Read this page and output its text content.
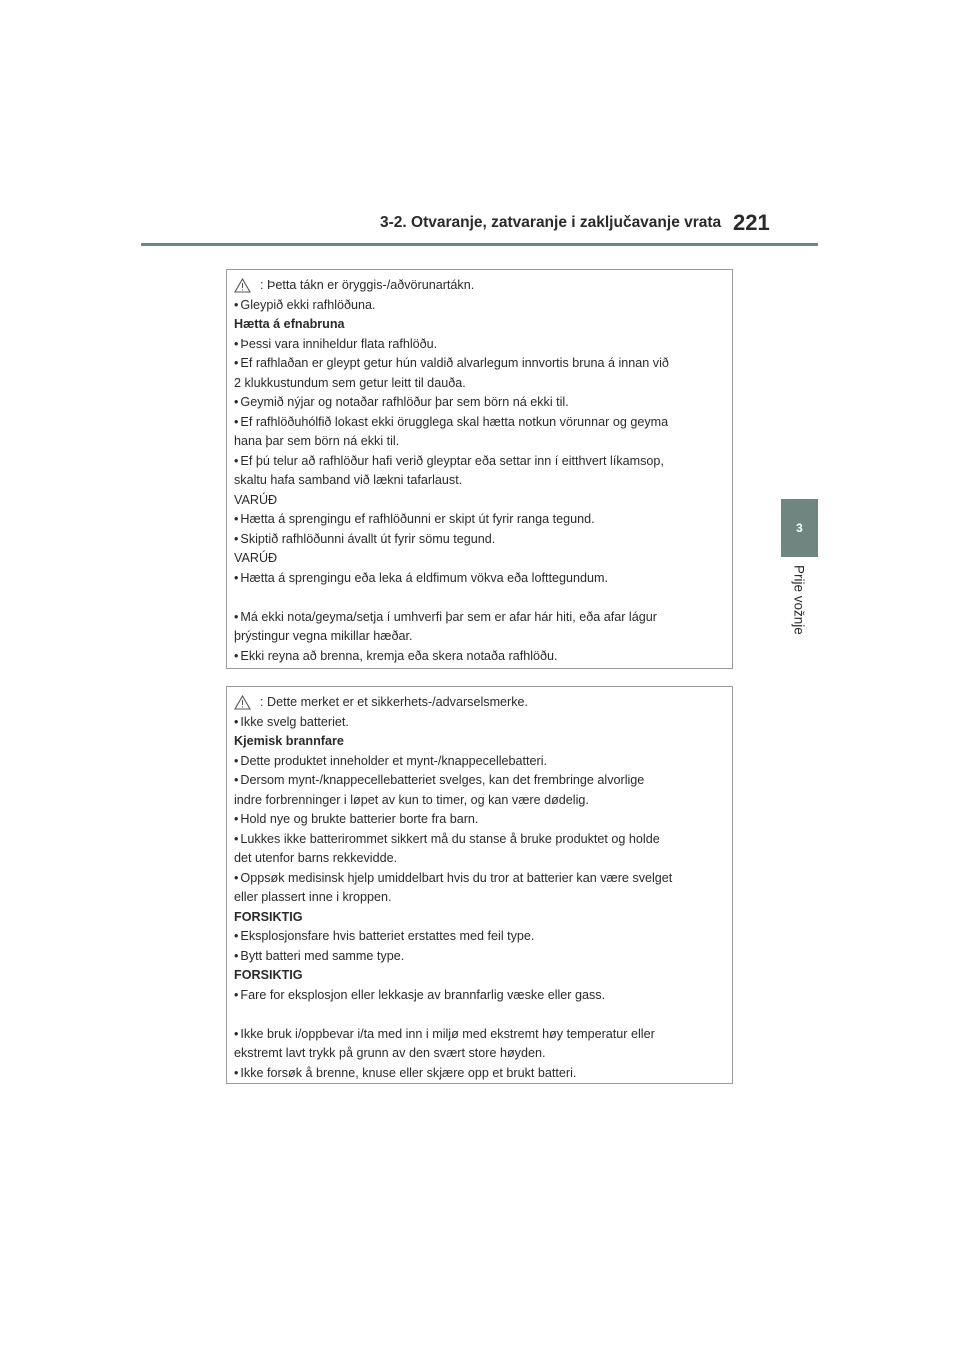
3-2. Otvaranje, zatvaranje i zaključavanje vrata 221
3
Prije vožnje
: Þetta tákn er öryggis-/aðvörunartákn.
• Gleypið ekki rafhlöðuna.
Hætta á efnabruna
• Þessi vara inniheldur flata rafhlöðu.
• Ef rafhlaðan er gleypt getur hún valdið alvarlegum innvortis bruna á innan við
2 klukkustundum sem getur leitt til dauða.
• Geymið nýjar og notaðar rafhlöður þar sem börn ná ekki til.
• Ef rafhlöðuhólfið lokast ekki örugglega skal hætta notkun vörunnar og geyma
hana þar sem börn ná ekki til.
• Ef þú telur að rafhlöður hafi verið gleyptar eða settar inn í eitthvert líkamsop,
skaltu hafa samband við lækni tafarlaust.
VARÚÐ
• Hætta á sprengingu ef rafhlöðunni er skipt út fyrir ranga tegund.
• Skiptið rafhlöðunni ávallt út fyrir sömu tegund.
VARÚÐ
• Hætta á sprengingu eða leka á eldfimum vökva eða lofttegundum.
• Má ekki nota/geyma/setja í umhverfi þar sem er afar hár hiti, eða afar lágur
þrýstingur vegna mikillar hæðar.
• Ekki reyna að brenna, kremja eða skera notaða rafhlöðu.
: Dette merket er et sikkerhets-/advarselsmerke.
• Ikke svelg batteriet.
Kjemisk brannfare
• Dette produktet inneholder et mynt-/knappecellebatteri.
• Dersom mynt-/knappecellebatteriet svelges, kan det frembringe alvorlige
indre forbrenninger i løpet av kun to timer, og kan være dødelig.
• Hold nye og brukte batterier borte fra barn.
• Lukkes ikke batterirommet sikkert må du stanse å bruke produktet og holde
det utenfor barns rekkevidde.
• Oppsøk medisinsk hjelp umiddelbart hvis du tror at batterier kan være svelget
eller plassert inne i kroppen.
FORSIKTIG
• Eksplosjonsfare hvis batteriet erstattes med feil type.
• Bytt batteri med samme type.
FORSIKTIG
• Fare for eksplosjon eller lekkasje av brannfarlig væske eller gass.
• Ikke bruk i/oppbevar i/ta med inn i miljø med ekstremt høy temperatur eller
ekstremt lavt trykk på grunn av den svært store høyden.
• Ikke forsøk å brenne, knuse eller skjære opp et brukt batteri.
